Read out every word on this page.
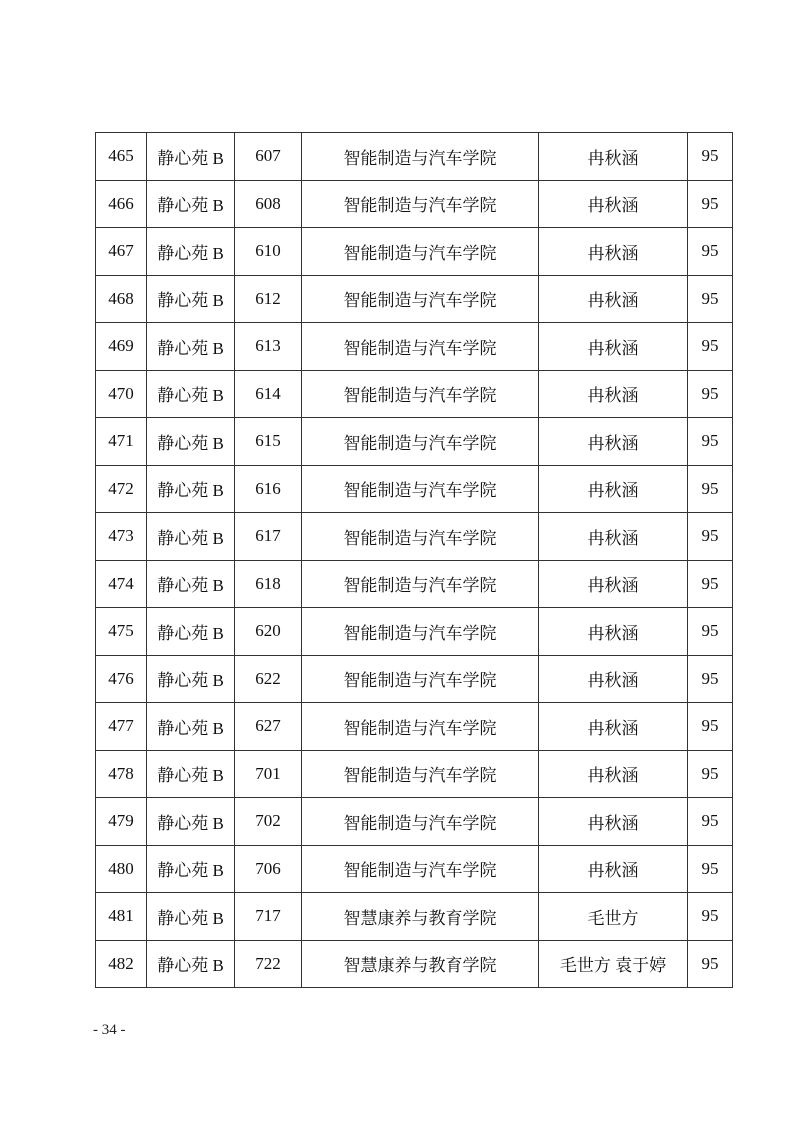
465	静心苑 B	607	智能制造与汽车学院	冉秋涵	95
466	静心苑 B	608	智能制造与汽车学院	冉秋涵	95
467	静心苑 B	610	智能制造与汽车学院	冉秋涵	95
468	静心苑 B	612	智能制造与汽车学院	冉秋涵	95
469	静心苑 B	613	智能制造与汽车学院	冉秋涵	95
470	静心苑 B	614	智能制造与汽车学院	冉秋涵	95
471	静心苑 B	615	智能制造与汽车学院	冉秋涵	95
472	静心苑 B	616	智能制造与汽车学院	冉秋涵	95
473	静心苑 B	617	智能制造与汽车学院	冉秋涵	95
474	静心苑 B	618	智能制造与汽车学院	冉秋涵	95
475	静心苑 B	620	智能制造与汽车学院	冉秋涵	95
476	静心苑 B	622	智能制造与汽车学院	冉秋涵	95
477	静心苑 B	627	智能制造与汽车学院	冉秋涵	95
478	静心苑 B	701	智能制造与汽车学院	冉秋涵	95
479	静心苑 B	702	智能制造与汽车学院	冉秋涵	95
480	静心苑 B	706	智能制造与汽车学院	冉秋涵	95
481	静心苑 B	717	智慧康养与教育学院	毛世方	95
482	静心苑 B	722	智慧康养与教育学院	毛世方 袁于婷	95
- 34 -
